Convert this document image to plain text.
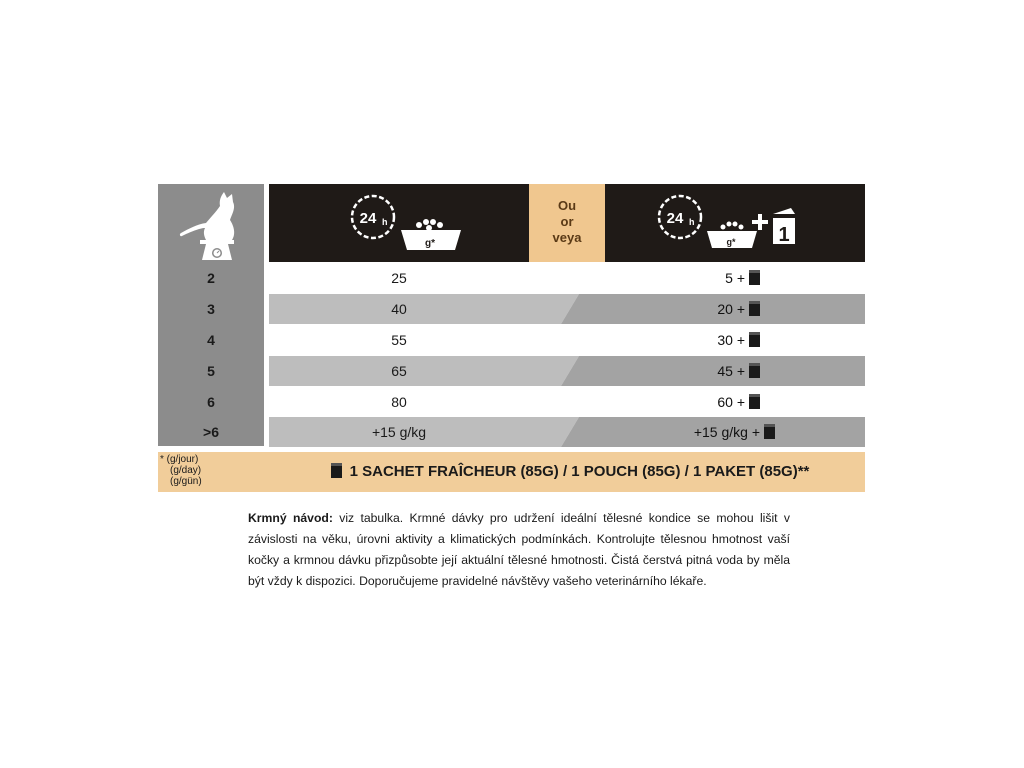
2
3
4
5
6
>6
24 h
g*
Ou
or
veya
24 h
g* 1
25
40
55
65
80
+15 g/kg
5 +
20 +
30 +
45 +
60 +
+15 g/kg +
* (g/jour)
(g/day)
(g/gün)
1 SACHET FRAÎCHEUR (85G) / 1 POUCH (85G) / 1 PAKET (85G)**
Krmný návod: viz tabulka. Krmné dávky pro udržení ideální tělesné kondice se mohou lišit v závislosti na věku, úrovni aktivity a klimatických podmínkách. Kontrolujte tělesnou hmotnost vaší kočky a krmnou dávku přizpůsobte její aktuální tělesné hmotnosti. Čistá čerstvá pitná voda by měla být vždy k dispozici. Doporučujeme pravidelné návštěvy vašeho veterinárního lékaře.
